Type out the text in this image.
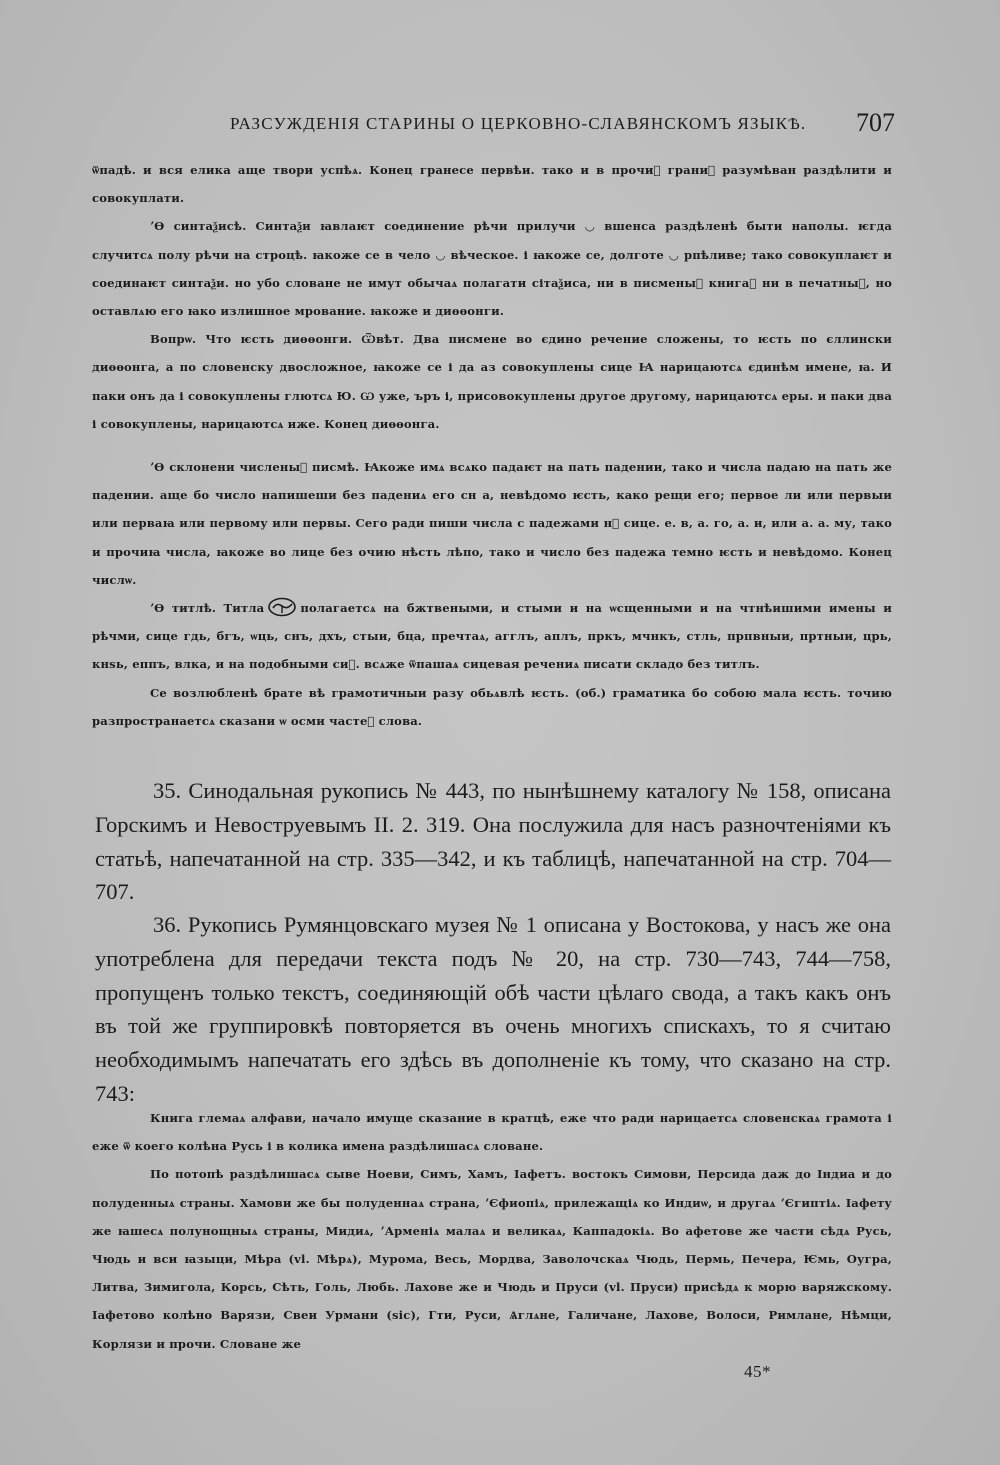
РАЗСУЖДЕНІЯ СТАРИНЫ О ЦЕРКОВНО-СЛАВЯНСКОМЪ ЯЗЫКѢ. 707

ѿпадѣ. и вся елика аще твори успѣѧ. Конец гранесе первѣи. тако и в прочиⷯ граниⷯ разумѣван раздѣлити и совокуплати.

ʼѲ синтаѯисѣ. Синтаѯи ꙗвлаѥт соединение рѣчи прилучи ◡ вшенса раздѣленѣ быти наполы. ѥгда случитсѧ полу рѣчи на строцѣ. ꙗкоже се в чело ◡ вѣческое. і ꙗкоже се, долготе ◡ рпѣливе; тако совокуплаѥт и соединаѥт синтаѯи. но убо словане не имут обычаѧ полагати сітаѯиса, ни в писменыⷯ книгаⷯ ни в печатныⷯ, но оставлѧю его ꙗко излишное мрование. ꙗкоже и диѳѳонги.

Вопрѡ. Что ѥсть диѳѳонги. Ѿвѣт. Два писмене во єдино речение сложены, то ѥсть по єллински диѳѳонга, а по словенску двосложное, ꙗкоже се і да аз совокуплены сице Ꙗ нарицаютсѧ єдинѣм имене, ꙗ. И паки онъ да і совокуплены глютсѧ Ю. Ѡ уже, ъръ і, присовокуплены другое другому, нарицаютсѧ еры. и паки два і совокуплены, нарицаютсѧ иже. Конец диѳѳонга.

ʼѲ склонени численыⷯ писмѣ. Ꙗкоже имѧ всѧко падаѥт на пать падении, тако и числа падаю на пать же падении. аще бо число напишеши без падениѧ его сн а, невѣдомо ѥсть, како рещи его; первое ли или первыи или перваꙗ или первому или первы. Сего ради пиши числа с падежами нⷯ сице. е. в, а. го, а. и, или а. а. му, тако и прочиꙗ числа, ꙗкоже во лице без очию нѣсть лѣпо, тако и число без падежа темно ѥсть и невѣдомо. Конец числѡ.

ʼѲ титлѣ. Титла	полагаетсѧ на бжтвеными, и стыми и на ѡсщенными и на чтнѣишими имены и рѣчми, сице гдь, бгъ, ѡць, снъ, дхъ, стыи, бца, пречтаѧ, агглъ, аплъ, пркъ, мчнкъ, стль, прпвныи, пртныи, црь, кнѕь, еппъ, влка, и на подобными сиⷯ. всѧже ѿпашаѧ сицевая речениѧ писати складо без титлъ.

Се возлюбленѣ брате вѣ грамотичныи разу обьѧвлѣ ѥсть. (об.) граматика бо собою мала ѥсть. точию разпространаетсѧ сказани ѡ осми частеⷯ слова.

35. Синодальная рукопись № 443, по нынѣшнему каталогу № 158, описана Горскимъ и Невоструевымъ II. 2. 319. Она послужила для насъ разночтеніями къ статьѣ, напечатанной на стр. 335—342, и къ таблицѣ, напечатанной на стр. 704—707.

36. Рукопись Румянцовскаго музея № 1 описана у Востокова, у насъ же она употреблена для передачи текста подъ № 20, на стр. 730—743, 744—758, пропущенъ только текстъ, соединяющій обѣ части цѣлаго свода, а такъ какъ онъ въ той же группировкѣ повторяется въ очень многихъ спискахъ, то я считаю необходимымъ напечатать его здѣсь въ дополненіе къ тому, что сказано на стр. 743:

Книга глемаѧ алфави, начало имуще сказание в кратцѣ, еже что ради нарицаетсѧ словенскаѧ грамота і еже ѿ коего колѣна Русь і в колика имена раздѣлишасѧ словане.

По потопѣ раздѣлишасѧ сыве Ноеви, Симъ, Хамъ, Іафетъ. востокъ Симови, Персида даж до Індиа и до полуденныѧ страны. Хамови же бы полуденнаѧ страна, ʼЄфиопіѧ, прилежащіѧ ко Индиѡ, и другаѧ ʼЄгиптіѧ. Іафету же ꙗшесѧ полунощныѧ страны, Мидиѧ, ʼАрменіѧ малаѧ и великаѧ, Каппадокіѧ. Во афетове же части сѣдѧ Русь, Чюдь и вси ꙗзыци, Мѣра (vl. Мѣрѧ), Мурома, Весь, Мордва, Заволочскаѧ Чюдь, Пермь, Печера, Ѥмь, Оугра, Литва, Зимигола, Корсь, Сѣть, Голь, Любь. Лахове же и Чюдь и Пруси (vl. Пруси) присѣдѧ к морю варяжскому. Іафетово колѣно Варязи, Свеи Урмани (sic), Гти, Руси, Ѧглѧне, Галичане, Лахове, Волоси, Римлане, Нѣмци, Корлязи и прочи. Словане же

45*
